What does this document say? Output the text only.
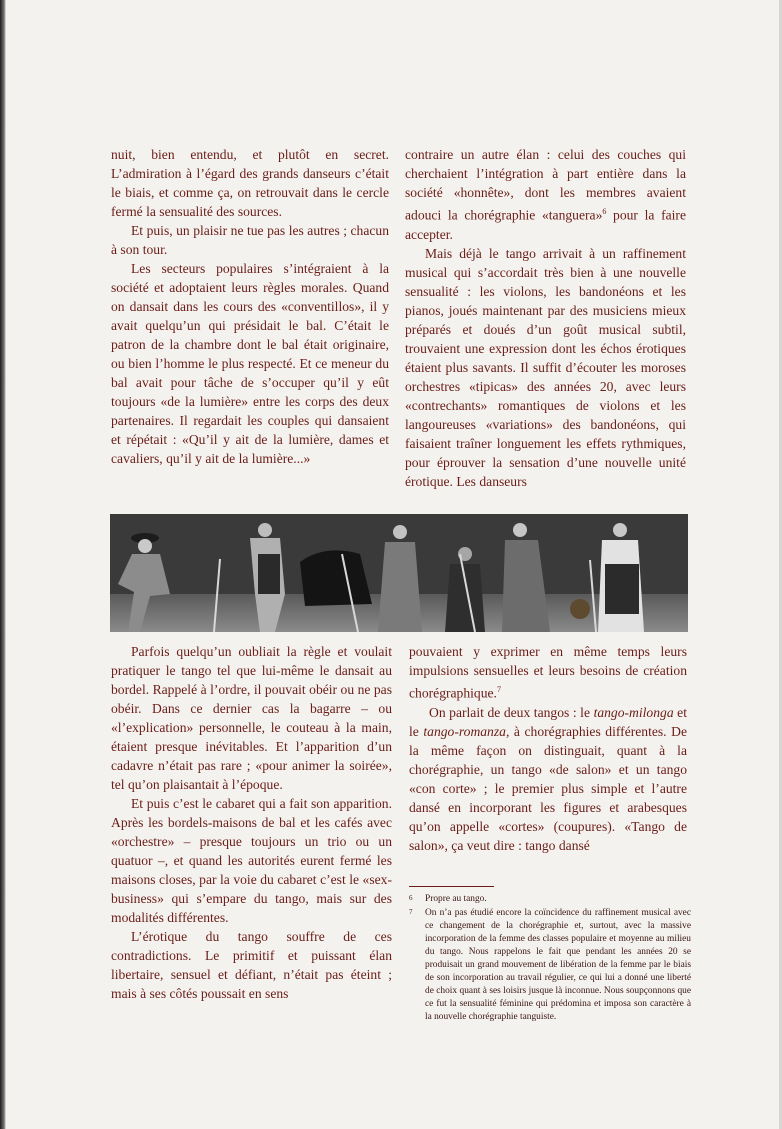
nuit, bien entendu, et plutôt en secret. L’admiration à l’égard des grands danseurs c’était le biais, et comme ça, on retrouvait dans le cercle fermé la sensualité des sources.

Et puis, un plaisir ne tue pas les autres ; chacun à son tour.

Les secteurs populaires s’intégraient à la société et adoptaient leurs règles morales. Quand on dansait dans les cours des «conventillos», il y avait quelqu’un qui présidait le bal. C’était le patron de la chambre dont le bal était originaire, ou bien l’homme le plus respecté. Et ce meneur du bal avait pour tâche de s’occuper qu’il y eût toujours «de la lumière» entre les corps des deux partenaires. Il regardait les couples qui dansaient et répétait : «Qu’il y ait de la lumière, dames et cavaliers, qu’il y ait de la lumière...»

contraire un autre élan : celui des couches qui cherchaient l’intégration à part entière dans la société «honnête», dont les membres avaient adouci la chorégraphie «tanguera»$^6$ pour la faire accepter.

Mais déjà le tango arrivait à un raffinement musical qui s’accordait très bien à une nouvelle sensualité : les violons, les bandonéons et les pianos, joués maintenant par des musiciens mieux préparés et doués d’un goût musical subtil, trouvaient une expression dont les échos érotiques étaient plus savants. Il suffit d’écouter les moroses orchestres «tipicas» des années 20, avec leurs «contrechants» romantiques de violons et les langoureuses «variations» des bandonéons, qui faisaient traîner longuement les effets rythmiques, pour éprouver la sensation d’une nouvelle unité érotique. Les danseurs

Parfois quelqu’un oubliait la règle et voulait pratiquer le tango tel que lui-même le dansait au bordel. Rappelé à l’ordre, il pouvait obéir ou ne pas obéir. Dans ce dernier cas la bagarre – ou «l’explication» personnelle, le couteau à la main, étaient presque inévitables. Et l’apparition d’un cadavre n’était pas rare ; «pour animer la soirée», tel qu’on plaisantait à l’époque.

Et puis c’est le cabaret qui a fait son apparition. Après les bordels-maisons de bal et les cafés avec «orchestre» – presque toujours un trio ou un quatuor –, et quand les autorités eurent fermé les maisons closes, par la voie du cabaret c’est le «sex-business» qui s’empare du tango, mais sur des modalités différentes.

L’érotique du tango souffre de ces contradictions. Le primitif et puissant élan libertaire, sensuel et défiant, n’était pas éteint ; mais à ses côtés poussait en sens

pouvaient y exprimer en même temps leurs impulsions sensuelles et leurs besoins de création chorégraphique.$^7$

On parlait de deux tangos : le tango-milonga et le tango-romanza, à chorégraphies différentes. De la même façon on distinguait, quant à la chorégraphie, un tango «de salon» et un tango «con corte» ; le premier plus simple et l’autre dansé en incorporant les figures et arabesques qu’on appelle «cortes» (coupures). «Tango de salon», ça veut dire : tango dansé

6	Propre au tango.
7	On n’a pas étudié encore la coïncidence du raffinement musical avec ce changement de la chorégraphie et, surtout, avec la massive incorporation de la femme des classes populaire et moyenne au milieu du tango. Nous rappelons le fait que pendant les années 20 se produisait un grand mouvement de libération de la femme par le biais de son incorporation au travail régulier, ce qui lui a donné une liberté de choix quant à ses loisirs jusque là inconnue. Nous soupçonnons que ce fut la sensualité féminine qui prédomina et imposa son caractère à la nouvelle chorégraphie tanguiste.
